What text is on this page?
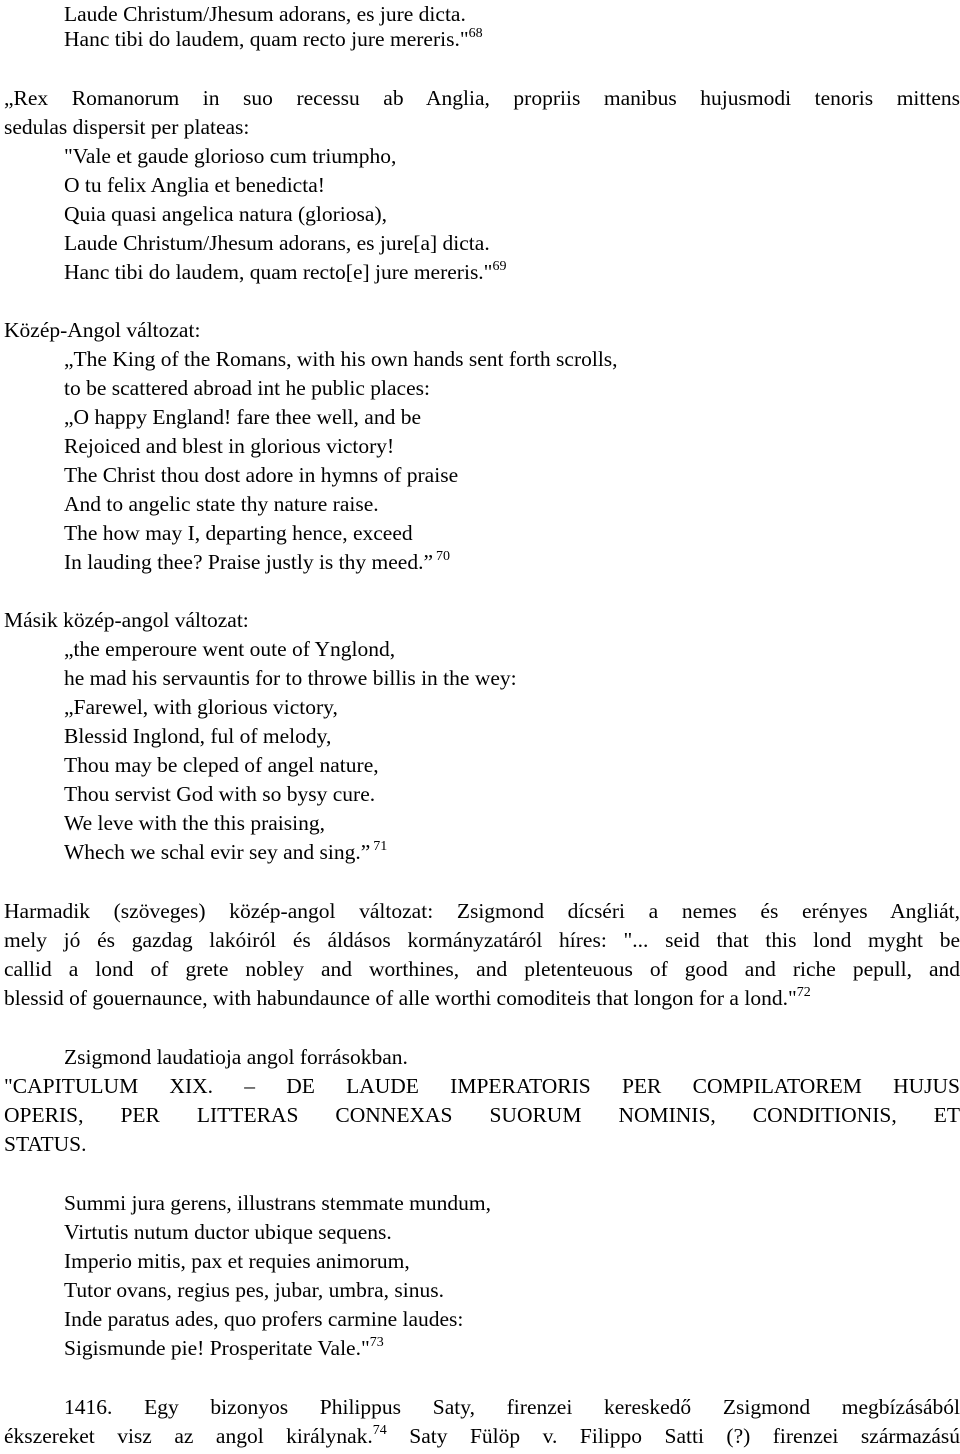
Laude Christum/Jhesum adorans, es jure dicta.
Hanc tibi do laudem, quam recto jure mereris."$^{68}$
„Rex Romanorum in suo recessu ab Anglia, propriis manibus hujusmodi tenoris mittens
sedulas dispersit per plateas:
"Vale et gaude glorioso cum triumpho,
O tu felix Anglia et benedicta!
Quia quasi angelica natura (gloriosa),
Laude Christum/Jhesum adorans, es jure[a] dicta.
Hanc tibi do laudem, quam recto[e] jure mereris."$^{69}$
Közép-Angol változat:
„The King of the Romans, with his own hands sent forth scrolls,
to be scattered abroad int he public places:
„O happy England! fare thee well, and be
Rejoiced and blest in glorious victory!
The Christ thou dost adore in hymns of praise
And to angelic state thy nature raise.
The how may I, departing hence, exceed
In lauding thee? Praise justly is thy meed.” $^{70}$
Másik közép-angol változat:
„the emperoure went oute of Ynglond,
he mad his servauntis for to throwe billis in the wey:
„Farewel, with glorious victory,
Blessid Inglond, ful of melody,
Thou may be cleped of angel nature,
Thou servist God with so bysy cure.
We leve with the this praising,
Whech we schal evir sey and sing.” $^{71}$
Harmadik (szöveges) közép-angol változat: Zsigmond dícséri a nemes és erényes Angliát,
mely jó és gazdag lakóiról és áldásos kormányzatáról híres: "... seid that this lond myght be
callid a lond of grete nobley and worthines, and pletenteuous of good and riche pepull, and
blessid of gouernaunce, with habundaunce of alle worthi comoditeis that longon for a lond."$^{72}$
Zsigmond laudatioja angol forrásokban.
"CAPITULUM XIX. – DE LAUDE IMPERATORIS PER COMPILATOREM HUJUS
OPERIS, PER LITTERAS CONNEXAS SUORUM NOMINIS, CONDITIONIS, ET
STATUS.
Summi jura gerens, illustrans stemmate mundum,
Virtutis nutum ductor ubique sequens.
Imperio mitis, pax et requies animorum,
Tutor ovans, regius pes, jubar, umbra, sinus.
Inde paratus ades, quo profers carmine laudes:
Sigismunde pie! Prosperitate Vale."$^{73}$
1416. Egy bizonyos Philippus Saty, firenzei kereskedő Zsigmond megbízásából
ékszereket visz az angol királynak.$^{74}$ Saty Fülöp v. Filippo Satti (?) firenzei származású
